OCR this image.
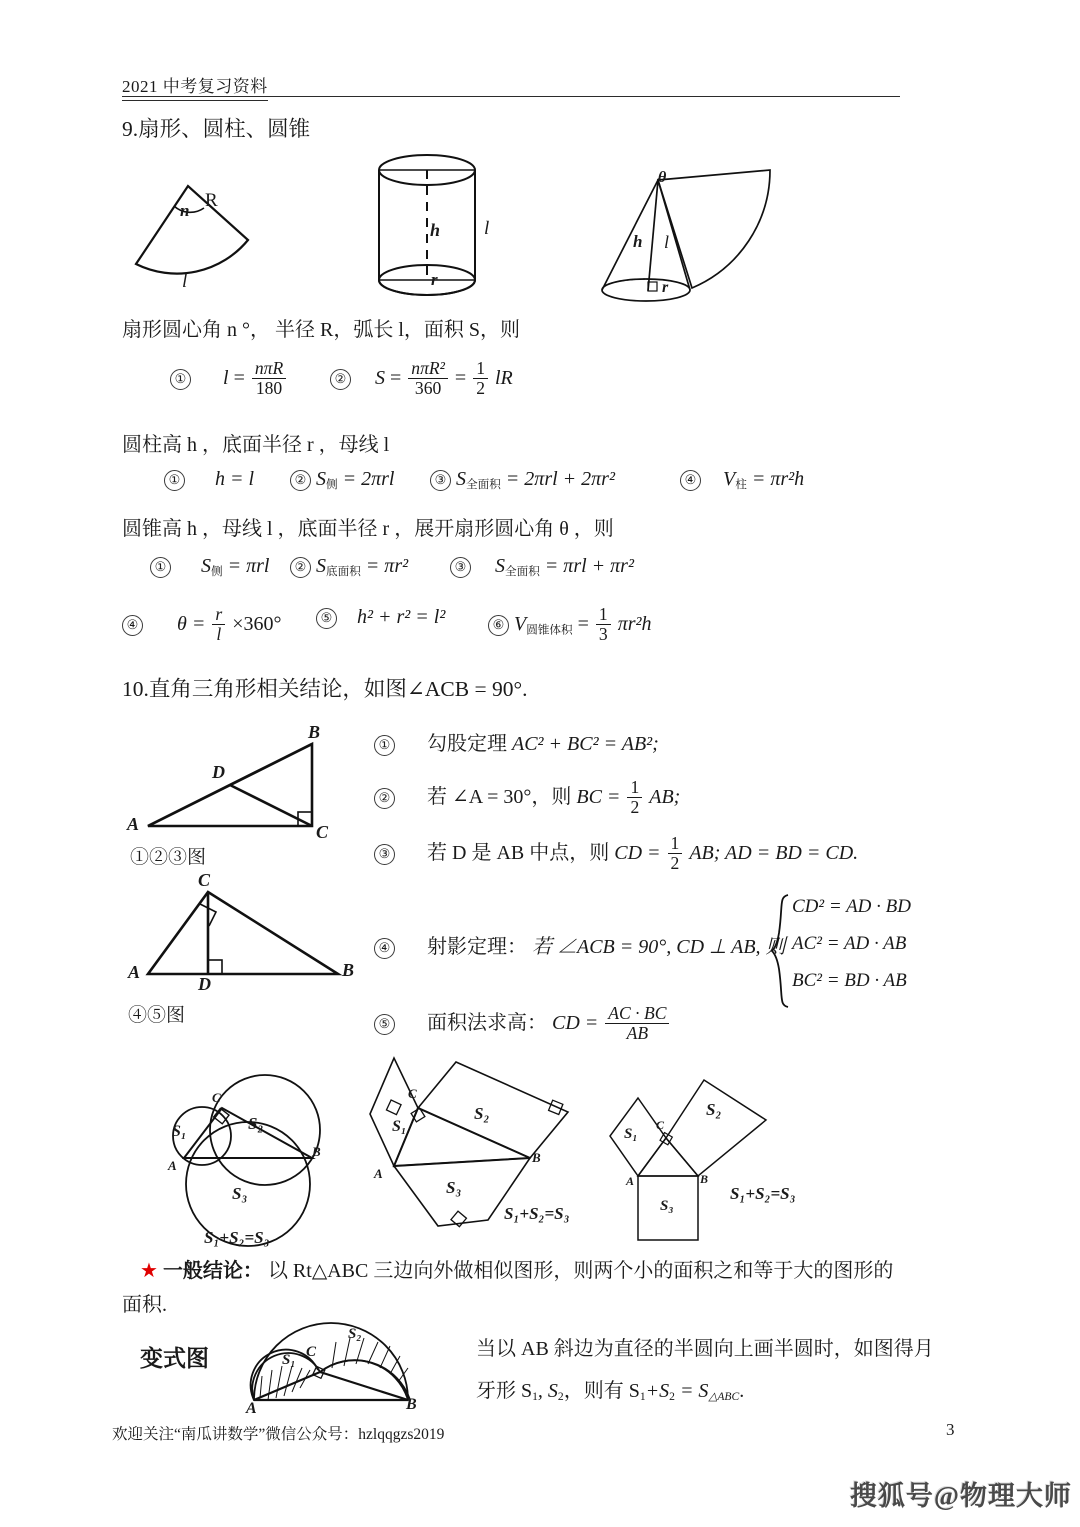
2021 中考复习资料
9.扇形、圆柱、圆锥
n R
l
h l
r
θ
h l
r
扇形圆心角 n °， 半径 R，弧长 l，面积 S，则
① $l = \frac{\text{nπR}}{180}$	② $S = \frac{\text{nπR²}}{360} = \frac{1}{2}$ lR
圆柱高 h ，底面半径 r ，母线 l
① h = l	② $S_侧 = 2\pi rl$	③ $S_{全面积} = 2\pi rl + 2\pi r^2$	④ $V_柱 = \pi r^2h$
圆锥高 h ，母线 l ，底面半径 r ，展开扇形圆心角 θ ，则
① $S_侧 = \pi rl$	② $S_{底面积} = \pi r^2$	③ $S_{全面积} = \pi rl + \pi r^2$
④ $\theta = \frac{r}{l} \times 360^\circ$	⑤ h² + r² = l²	⑥ $V_{圆锥体积} = \frac{1}{3} \pi r^2h$
10.直角三角形相关结论，如图∠ACB = 90°.
A
B
C
D
①②③图
A	B
C
D
④⑤图
① 勾股定理 AC² + BC² = AB²;
② 若 ∠A = 30°，则 BC = $\frac{1}{2}$ AB;
③ 若 D 是 AB 中点，则 CD = $\frac{1}{2}$ AB; AD = BD = CD.
④ 射影定理： 若 ∠ACB = 90°, CD ⊥ AB, 则
CD² = AD · BD
AC² = AD · AB
BC² = BD · AB
⑤ 面积法求高： CD = $\frac{AC \cdot BC}{AB}$
S₁	S₂
S₃
A
B
C
S₁+S₂=S₃
S₁
S₂
S₃
A
B
C
S₁+S₂=S₃
S₁
S₂
S₃
A	B
C
S₁+S₂=S₃
★ 一般结论： 以 Rt△ABC 三边向外做相似图形，则两个小的面积之和等于大的图形的
面积.
变式图	S₁
S₂
A	B
C	当以 AB 斜边为直径的半圆向上画半圆时，如图得月
牙形 $S_1$, $S_2$，则有 $S_1+S_2 = S_{\triangle ABC}$.
欢迎关注“南瓜讲数学”微信公众号：hzlqqgzs2019	3
搜狐号@物理大师
